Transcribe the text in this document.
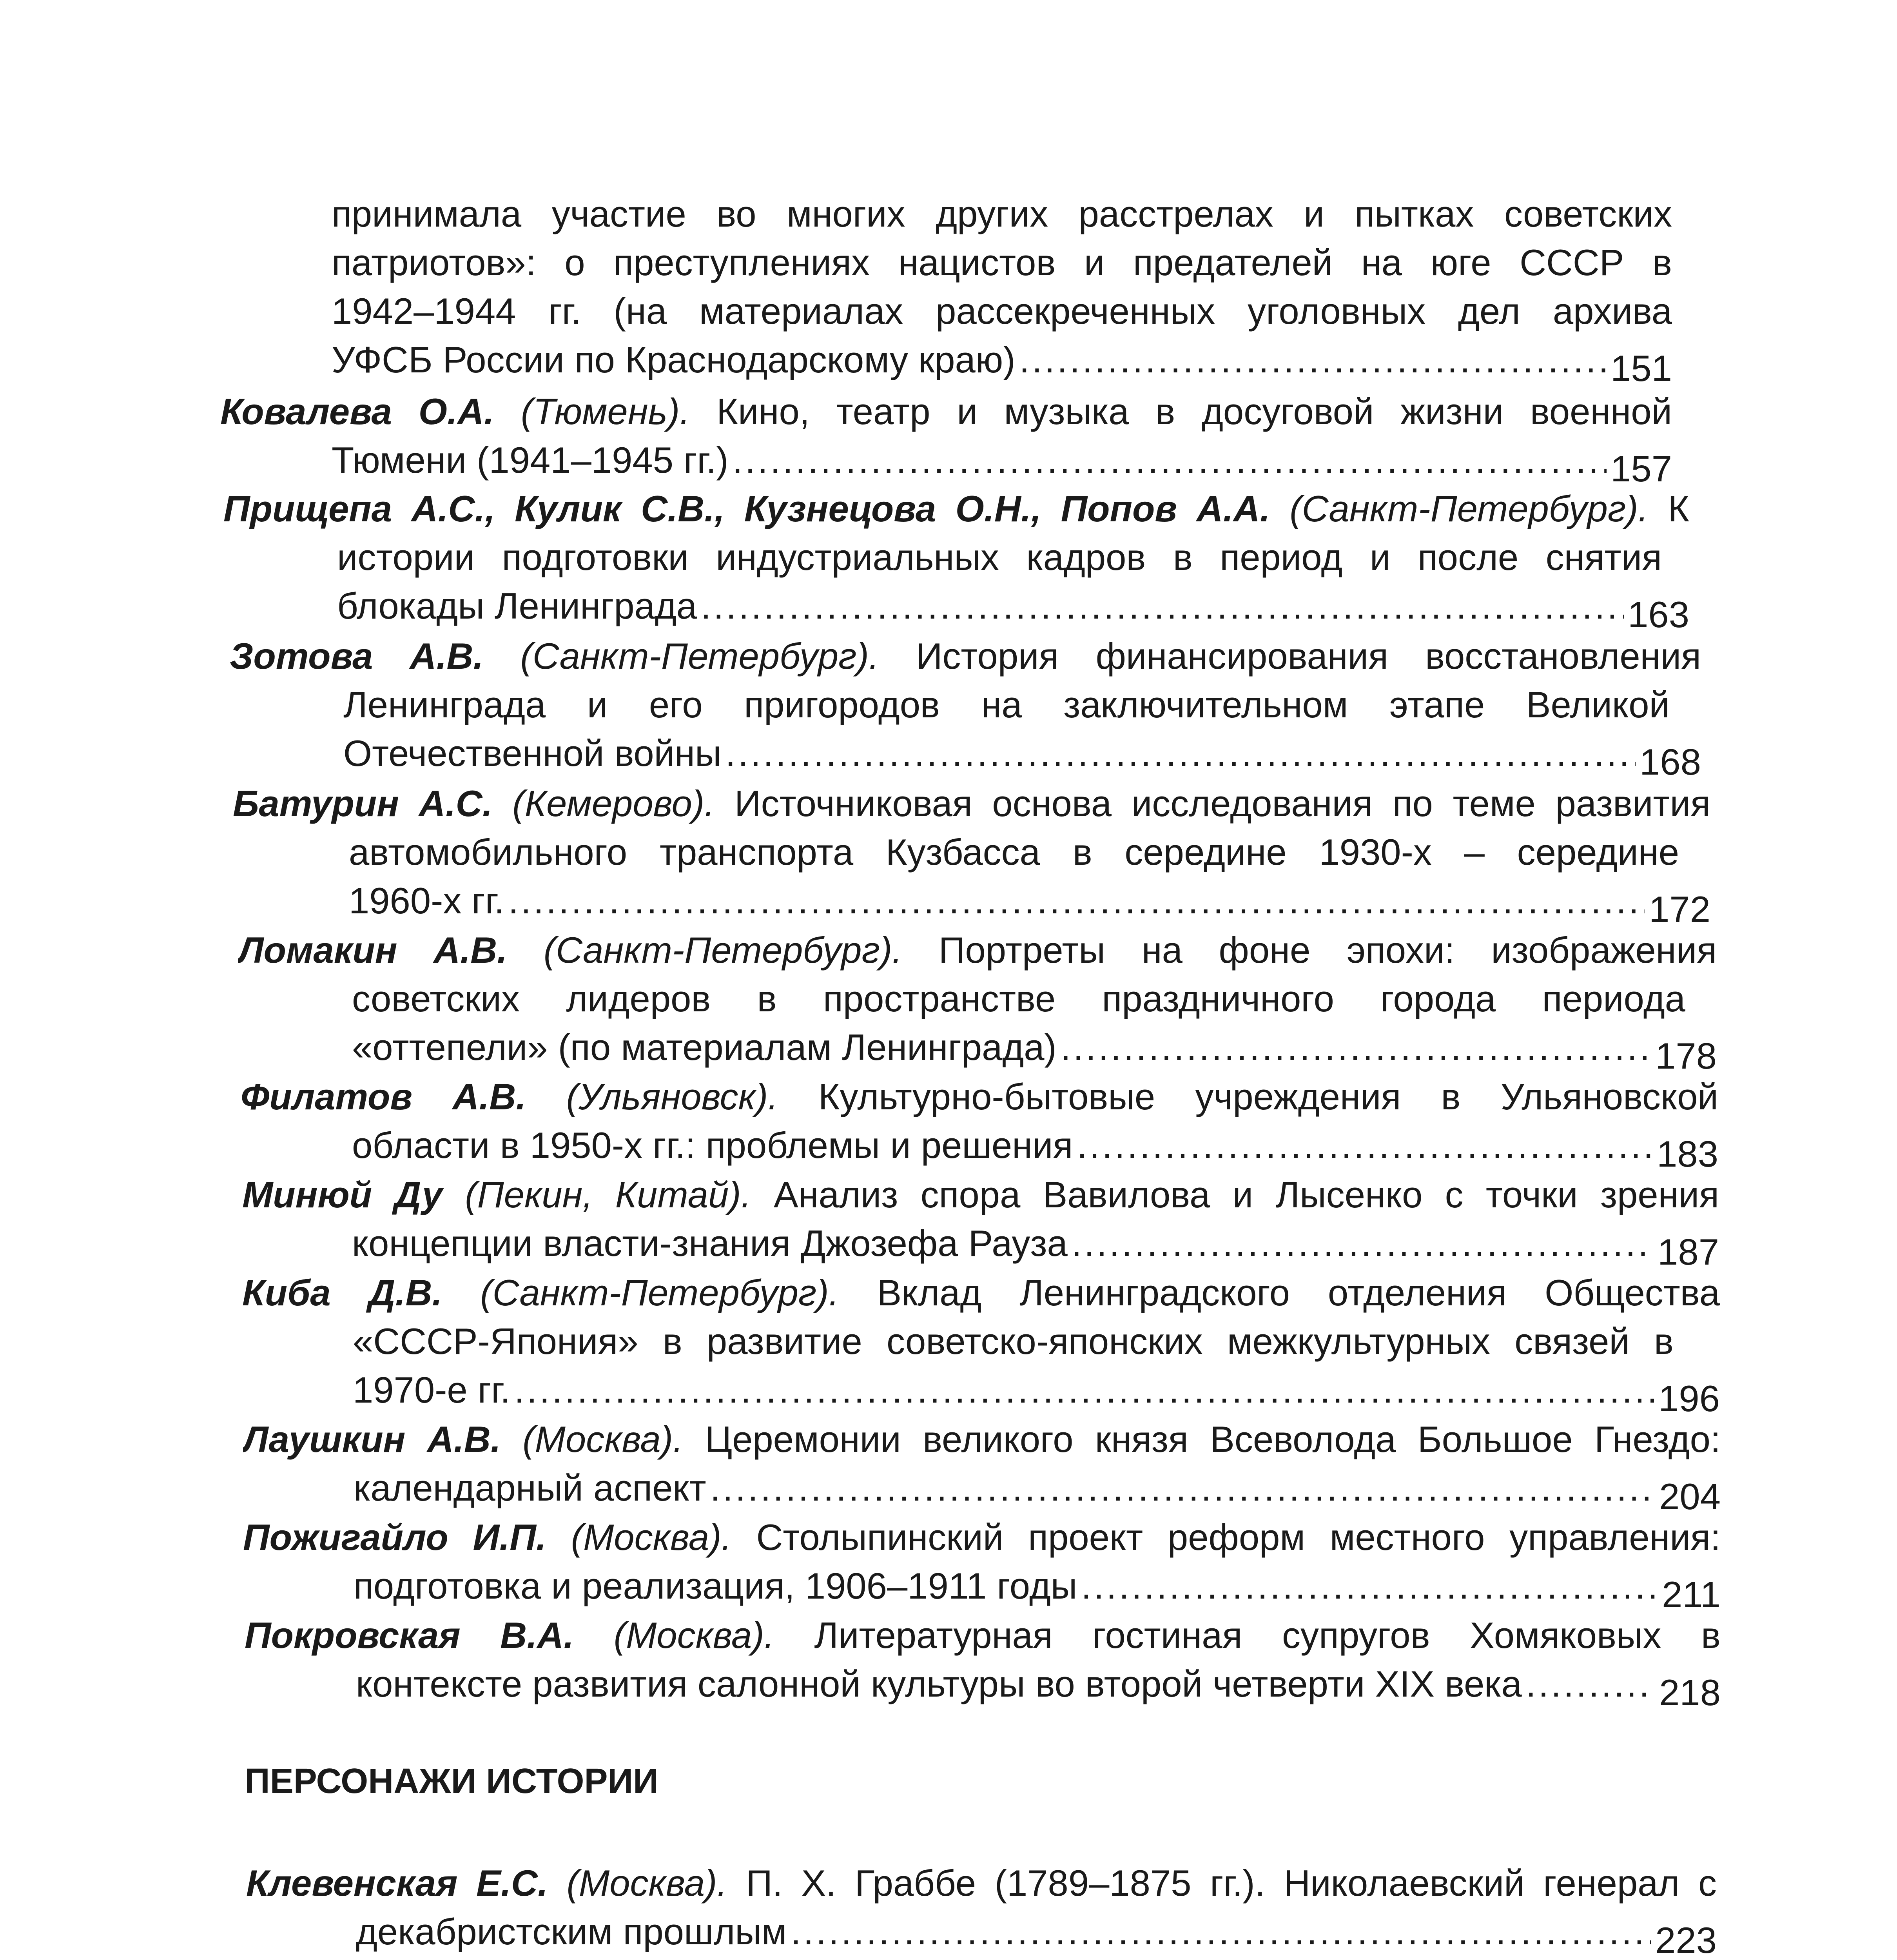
принимала участие во многих других расстрелах и пытках советских
патриотов»: о преступлениях нацистов и предателей на юге СССР в
1942–1944 гг. (на материалах рассекреченных уголовных дел архива
УФСБ России по Краснодарскому краю) .....	151
Ковалева О.А. (Тюмень). Кино, театр и музыка в досуговой жизни военной
Тюмени (1941–1945 гг.) .....	157
Прищепа А.С., Кулик С.В., Кузнецова О.Н., Попов А.А. (Санкт-Петербург). К
истории подготовки индустриальных кадров в период и после снятия
блокады Ленинграда .....	163
Зотова А.В. (Санкт-Петербург). История финансирования восстановления
Ленинграда и его пригородов на заключительном этапе Великой
Отечественной войны .....	168
Батурин А.С. (Кемерово). Источниковая основа исследования по теме развития
автомобильного транспорта Кузбасса в середине 1930-х – середине
1960-х гг. .....	172
Ломакин А.В. (Санкт-Петербург). Портреты на фоне эпохи: изображения
советских лидеров в пространстве праздничного города периода
«оттепели» (по материалам Ленинграда) .....	178
Филатов А.В. (Ульяновск). Культурно-бытовые учреждения в Ульяновской
области в 1950-х гг.: проблемы и решения .....	183
Минюй Ду (Пекин, Китай). Анализ спора Вавилова и Лысенко с точки зрения
концепции власти-знания Джозефа Рауза .....	187
Киба Д.В. (Санкт-Петербург). Вклад Ленинградского отделения Общества
«СССР-Япония» в развитие советско-японских межкультурных связей в
1970-е гг. .....	196
Лаушкин А.В. (Москва). Церемонии великого князя Всеволода Большое Гнездо:
календарный аспект .....	204
Пожигайло И.П. (Москва). Столыпинский проект реформ местного управления:
подготовка и реализация, 1906–1911 годы .....	211
Покровская В.А. (Москва). Литературная гостиная супругов Хомяковых в
контексте развития салонной культуры во второй четверти XIX века .....	218
ПЕРСОНАЖИ ИСТОРИИ
Клевенская Е.С. (Москва). П. Х. Граббе (1789–1875 гг.). Николаевский генерал с
декабристским прошлым .....	223
